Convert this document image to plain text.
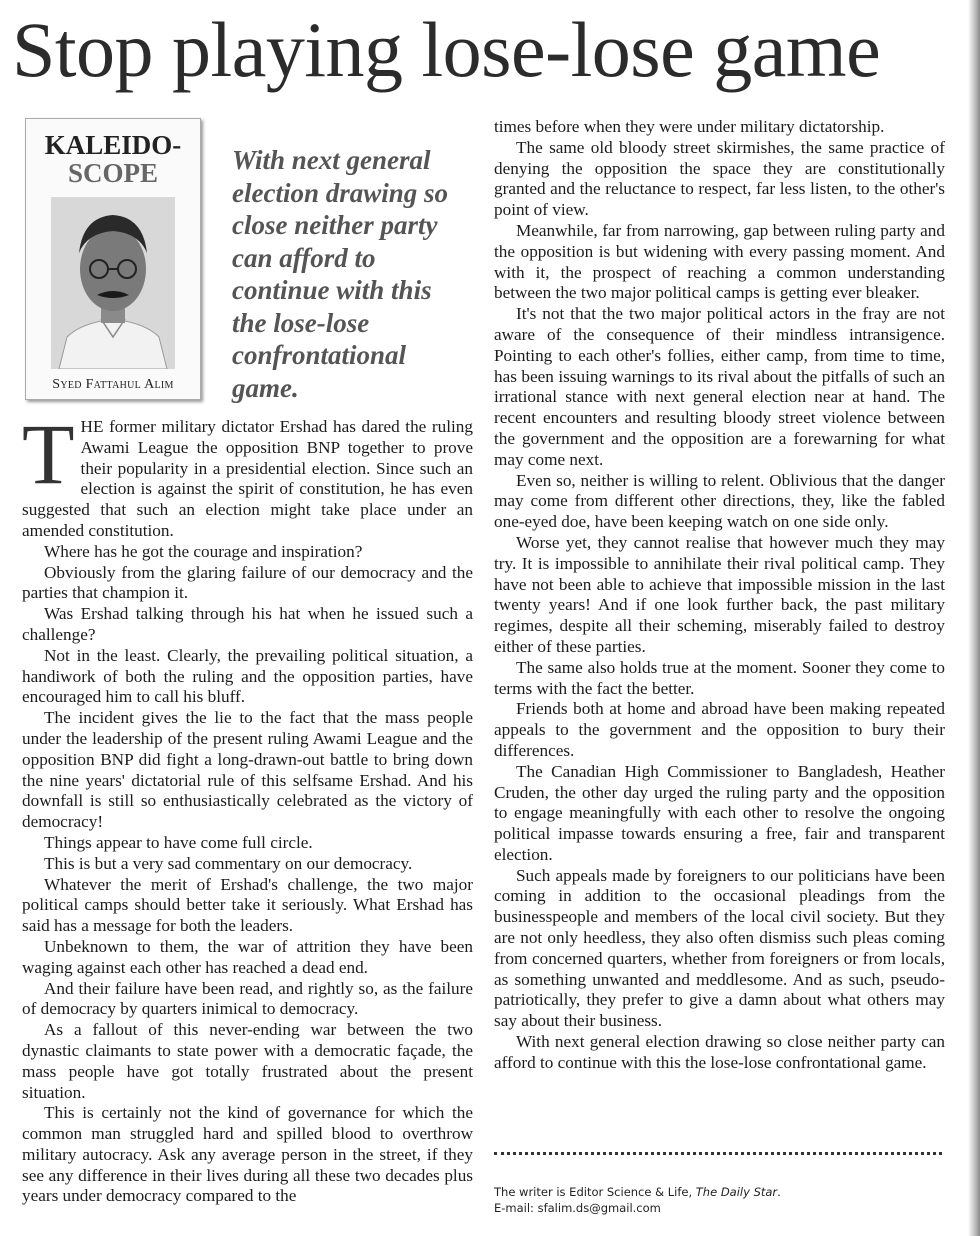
Stop playing lose-lose game
KALEIDO-
SCOPE
Syed Fattahul Alim
With next general election drawing so close neither party can afford to continue with this the lose-lose confrontational game.

THE former military dictator Ershad has dared the ruling Awami League the opposition BNP together to prove their popularity in a presidential election. Since such an election is against the spirit of constitution, he has even suggested that such an election might take place under an amended constitution.

Where has he got the courage and inspiration?

Obviously from the glaring failure of our democracy and the parties that champion it.

Was Ershad talking through his hat when he issued such a challenge?

Not in the least. Clearly, the prevailing political situation, a handiwork of both the ruling and the opposition parties, have encouraged him to call his bluff.

The incident gives the lie to the fact that the mass people under the leadership of the present ruling Awami League and the opposition BNP did fight a long-drawn-out battle to bring down the nine years' dictatorial rule of this selfsame Ershad. And his downfall is still so enthusiastically celebrated as the victory of democracy!

Things appear to have come full circle.

This is but a very sad commentary on our democracy.

Whatever the merit of Ershad's challenge, the two major political camps should better take it seriously. What Ershad has said has a message for both the leaders.

Unbeknown to them, the war of attrition they have been waging against each other has reached a dead end.

And their failure have been read, and rightly so, as the failure of democracy by quarters inimical to democracy.

As a fallout of this never-ending war between the two dynastic claimants to state power with a democratic façade, the mass people have got totally frustrated about the present situation.

This is certainly not the kind of governance for which the common man struggled hard and spilled blood to overthrow military autocracy. Ask any average person in the street, if they see any difference in their lives during all these two decades plus years under democracy compared to the

times before when they were under military dictatorship.

The same old bloody street skirmishes, the same practice of denying the opposition the space they are constitutionally granted and the reluctance to respect, far less listen, to the other's point of view.

Meanwhile, far from narrowing, gap between ruling party and the opposition is but widening with every passing moment. And with it, the prospect of reaching a common understanding between the two major political camps is getting ever bleaker.

It's not that the two major political actors in the fray are not aware of the consequence of their mindless intransigence. Pointing to each other's follies, either camp, from time to time, has been issuing warnings to its rival about the pitfalls of such an irrational stance with next general election near at hand. The recent encounters and resulting bloody street violence between the government and the opposition are a forewarning for what may come next.

Even so, neither is willing to relent. Oblivious that the danger may come from different other directions, they, like the fabled one-eyed doe, have been keeping watch on one side only.

Worse yet, they cannot realise that however much they may try. It is impossible to annihilate their rival political camp. They have not been able to achieve that impossible mission in the last twenty years! And if one look further back, the past military regimes, despite all their scheming, miserably failed to destroy either of these parties.

The same also holds true at the moment. Sooner they come to terms with the fact the better.

Friends both at home and abroad have been making repeated appeals to the government and the opposition to bury their differences.

The Canadian High Commissioner to Bangladesh, Heather Cruden, the other day urged the ruling party and the opposition to engage meaningfully with each other to resolve the ongoing political impasse towards ensuring a free, fair and transparent election.

Such appeals made by foreigners to our politicians have been coming in addition to the occasional pleadings from the businesspeople and members of the local civil society. But they are not only heedless, they also often dismiss such pleas coming from concerned quarters, whether from foreigners or from locals, as something unwanted and meddlesome. And as such, pseudo-patriotically, they prefer to give a damn about what others may say about their business.

With next general election drawing so close neither party can afford to continue with this the lose-lose confrontational game.

The writer is Editor Science & Life, The Daily Star.
E-mail: sfalim.ds@gmail.com
